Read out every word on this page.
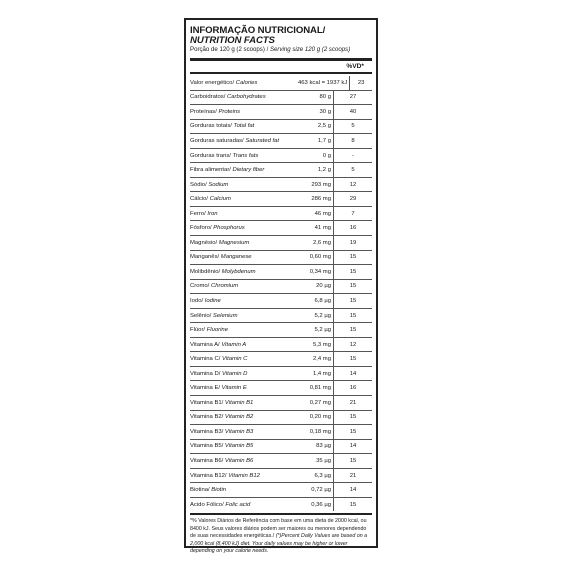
INFORMAÇÃO NUTRICIONAL/
NUTRITION FACTS
Porção de 120 g (2 scoops) / Serving size 120 g (2 scoops)
%VD*
Valor energético/ Calories	463 kcal = 1937 kJ	23
Carboidratos/ Carbohydrates	80 g	27
Proteínas/ Proteins	30 g	40
Gorduras totais/ Total fat	2,5 g	5
Gorduras saturadas/ Saturated fat	1,7 g	8
Gorduras trans/ Trans fats	0 g	-
Fibra alimentar/ Dietary fiber	1,2 g	5
Sódio/ Sodium	293 mg	12
Cálcio/ Calcium	286 mg	29
Ferro/ Iron	46 mg	7
Fósforo/ Phosphorus	41 mg	16
Magnésio/ Magnesium	2,6 mg	19
Manganês/ Manganese	0,60 mg	15
Molibdênio/ Molybdenum	0,34 mg	15
Cromo/ Chromium	20 µg	15
Iodo/ Iodine	6,8 µg	15
Selênio/ Selenium	5,2 µg	15
Flúor/ Fluorine	5,2 µg	15
Vitamina A/ Vitamin A	5,3 mg	12
Vitamina C/ Vitamin C	2,4 mg	15
Vitamina D/ Vitamin D	1,4 mg	14
Vitamina E/ Vitamin E	0,81 mg	16
Vitamina B1/ Vitamin B1	0,27 mg	21
Vitamina B2/ Vitamin B2	0,20 mg	15
Vitamina B3/ Vitamin B3	0,18 mg	15
Vitamina B5/ Vitamin B5	83 µg	14
Vitamina B6/ Vitamin B6	35 µg	15
Vitamina B12/ Vitamin B12	6,3 µg	21
Biotina/ Biotin	0,72 µg	14
Ácido Fólico/ Folic acid	0,36 µg	15
*% Valores Diários de Referência com base em uma dieta de 2000 kcal, ou 8400 kJ. Seus valores diários podem ser maiores ou menores dependendo de suas necessidades energéticas./ (*)Percent Daily Values are based on a 2,000 kcal (8,400 kJ) diet. Your daily values may be higher or lower depending on your calorie needs.
